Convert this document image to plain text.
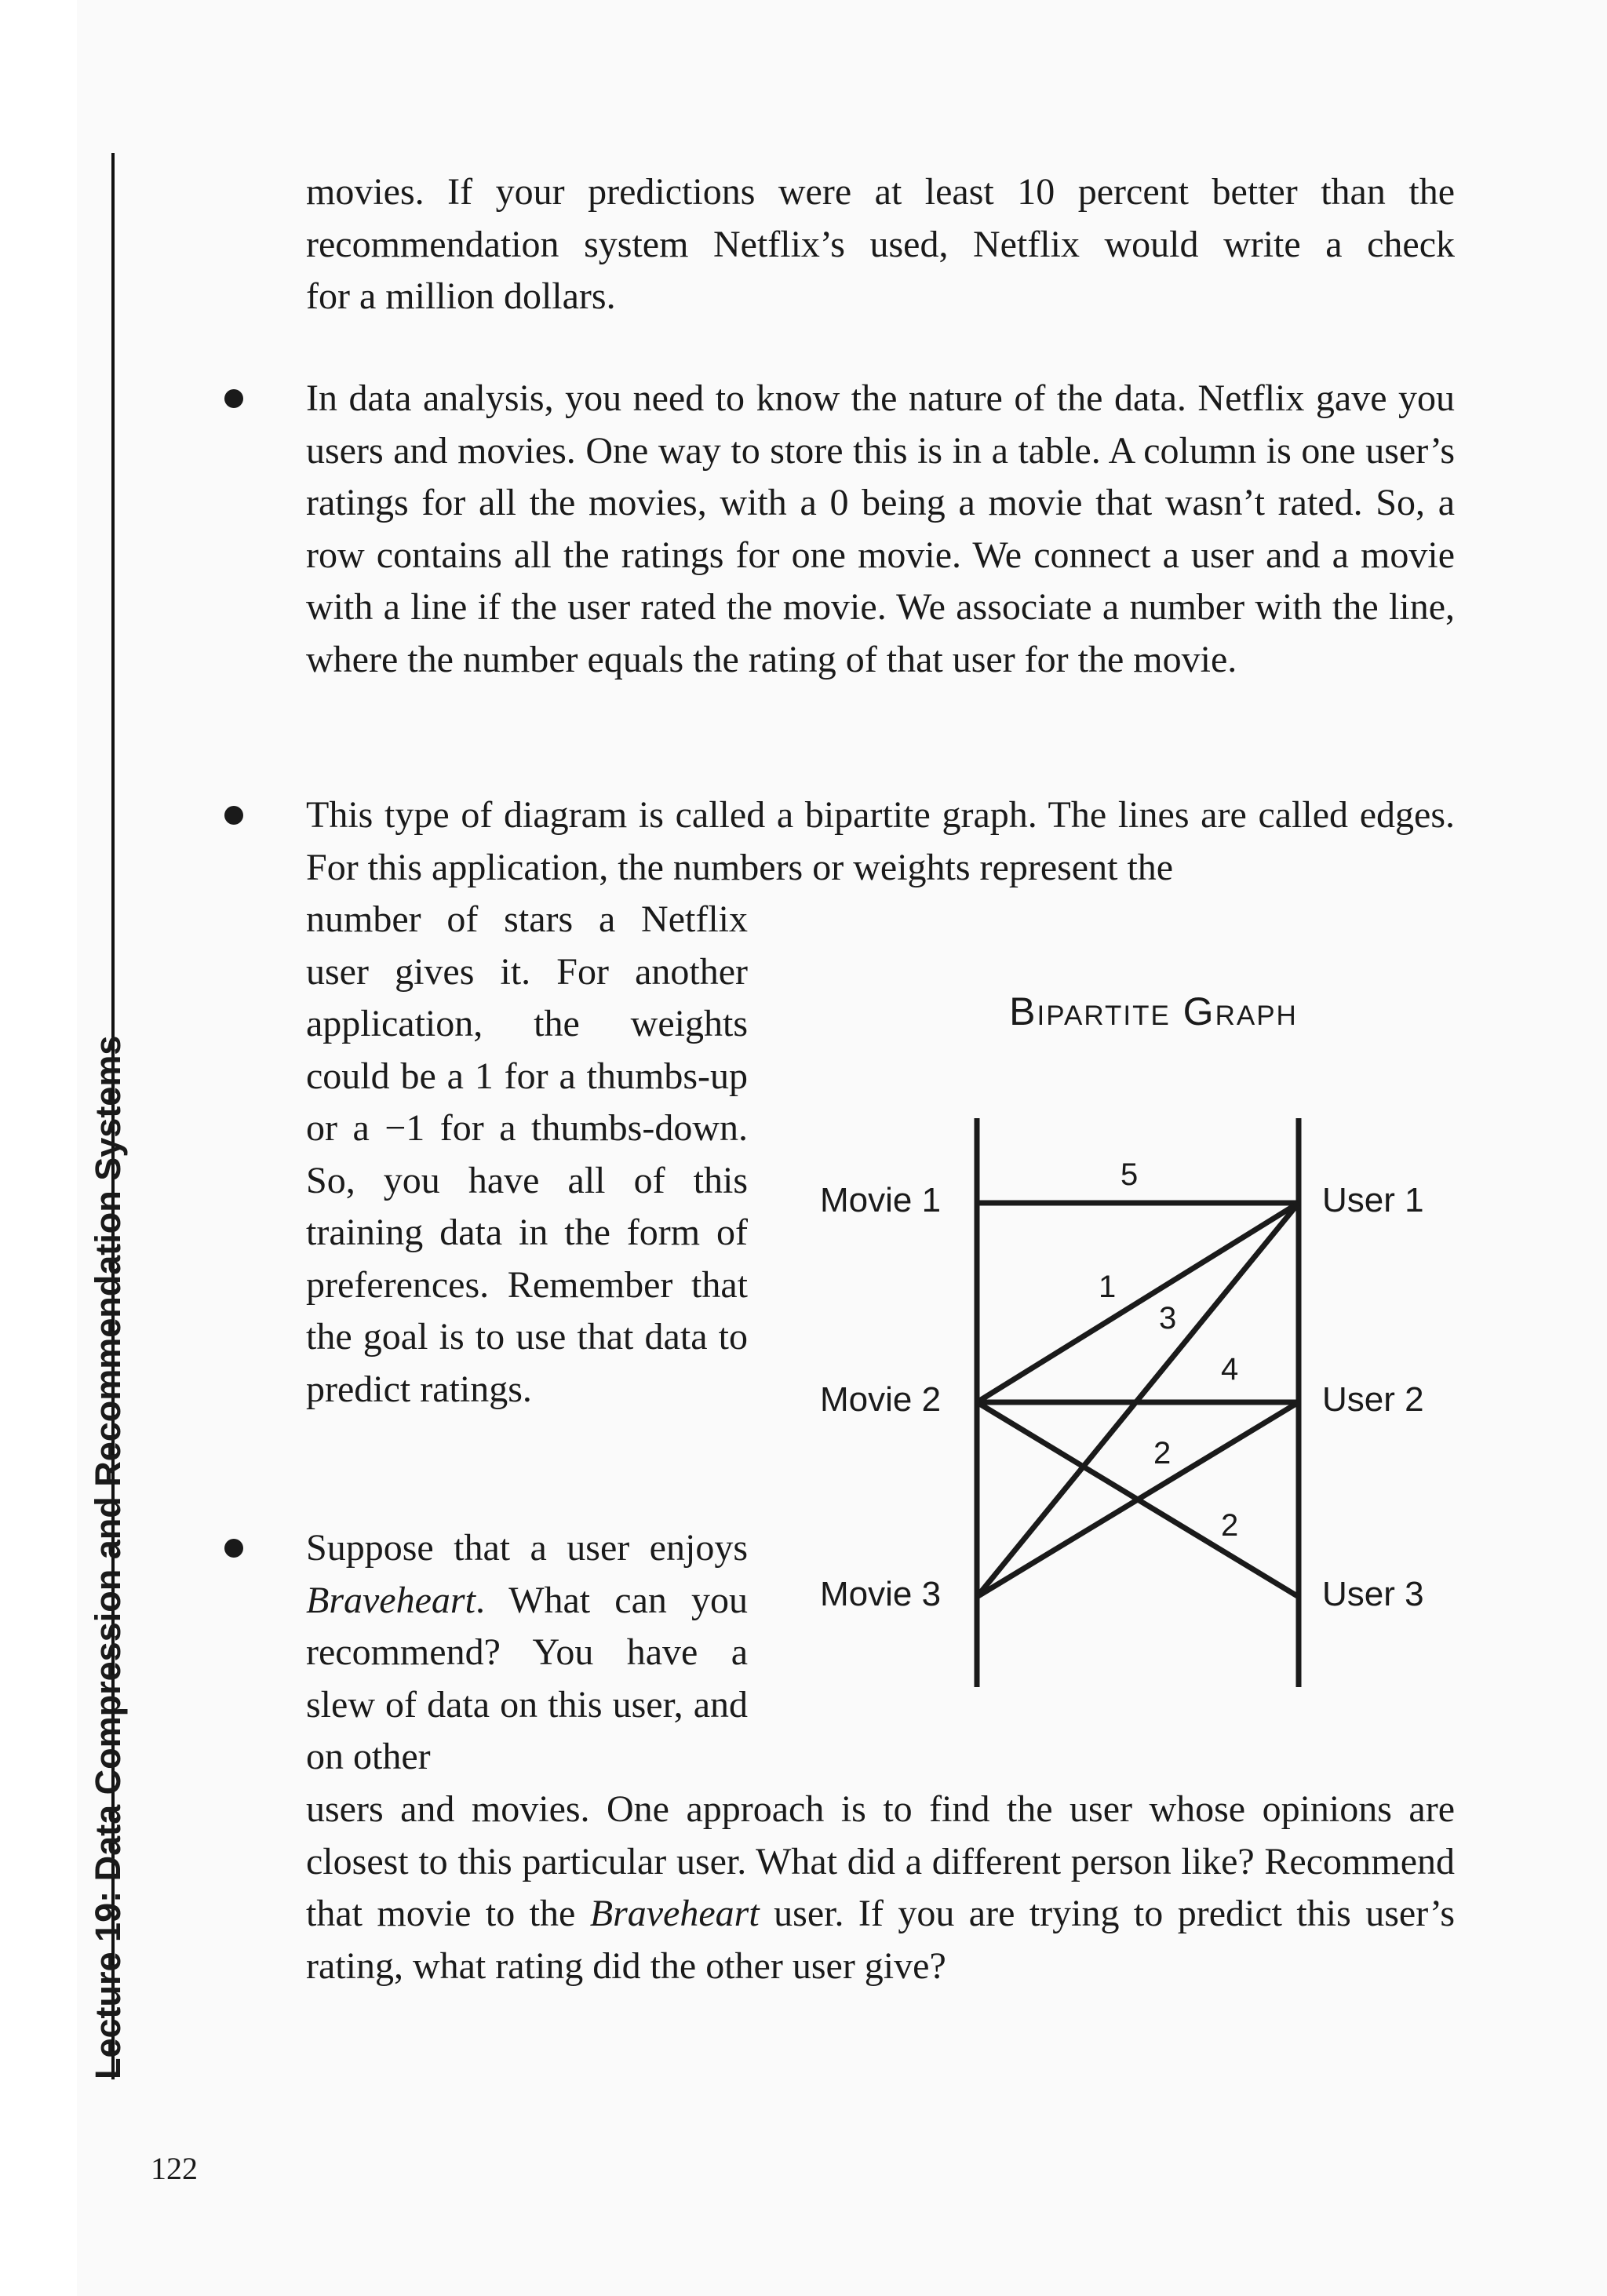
Lecture 19: Data Compression and Recommendation Systems
movies. If your predictions were at least 10 percent better than the
recommendation system Netflix’s used, Netflix would write a check
for a million dollars.
In data analysis, you need to know the nature of the data. Netflix gave you users and movies. One way to store this is in a table. A column is one user’s ratings for all the movies, with a 0 being a movie that wasn’t rated. So, a row contains all the ratings for one movie. We connect a user and a movie with a line if the user rated the movie. We associate a number with the line, where the number equals the rating of that user for the movie.
This type of diagram is called a bipartite graph. The lines are called edges. For this application, the numbers or weights represent the
number of stars a Netflix user gives it. For another application, the weights could be a 1 for a thumbs-up or a −1 for a thumbs-down. So, you have all of this training data in the form of preferences. Remember that the goal is to use that data to predict ratings.
Suppose that a user enjoys Braveheart. What can you recommend? You have a slew of data on this user, and on other
users and movies. One approach is to find the user whose opinions are closest to this particular user. What did a different person like? Recommend that movie to the Braveheart user. If you are trying to predict this user’s rating, what rating did the other user give?
Bipartite Graph
Movie 1
Movie 2
Movie 3
User 1
User 2
User 3
5
1
3
4
2
2
122
